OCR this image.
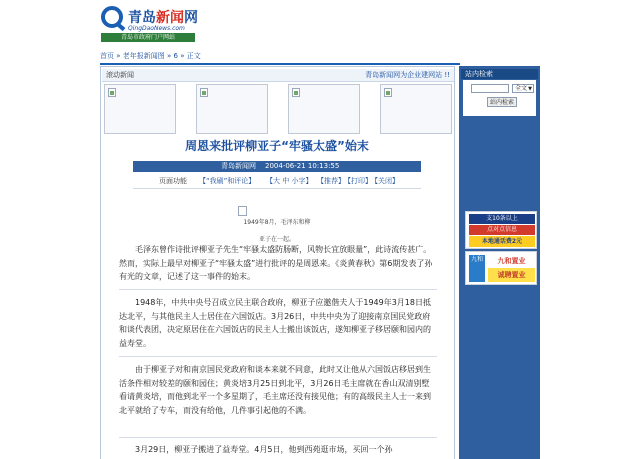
青岛新闻网
QingDaoNews.com
青岛市政府门户网站
首页 » 老年报新闻图 » 6 » 正文
滚动新闻	青岛新闻网为企业建网站 !!
周恩来批评柳亚子“牢骚太盛”始末
青岛新闻网 2004-06-21 10:13:55
页面功能 【“我刷”和评论】 【大 中 小字】 【推荐】 【打印】 【关闭】
1949年8月，毛泽东和柳
亚子在一起。
毛泽东曾作诗批评柳亚子先生“牢骚太盛防肠断，风物长宜放眼量”，此诗流传甚广。然而，实际上最早对柳亚子“牢骚太盛”进行批评的是周恩来。《炎黄春秋》第6期发表了孙有光的文章，记述了这一事件的始末。
1948年，中共中央号召成立民主联合政府，柳亚子应邀偕夫人于1949年3月18日抵达北平，与其他民主人士居住在六国饭店。3月26日，中共中央为了迎接南京国民党政府和谈代表团，决定原居住在六国饭店的民主人士搬出该饭店，遂知柳亚子移居颐和园内的益寿堂。
由于柳亚子对和南京国民党政府和谈本来就不同意，此时又让他从六国饭店移居到生活条件相对较差的颐和园住；黄炎培3月25日到北平，3月26日毛主席就在香山双清别墅看请黄炎培，而他到北平一个多星期了，毛主席还没有接见他；有的高级民主人士一来到北平就给了专车，而没有给他，几件事引起他的不满。
3月29日，柳亚子搬进了益寿堂。4月5日，他到西苑逛市场，买回一个孙
站内检索
全文 ▼
站内检索
支10条以上
点对点信息
本地通话费2元
九和	九和置业
诚聘置业
